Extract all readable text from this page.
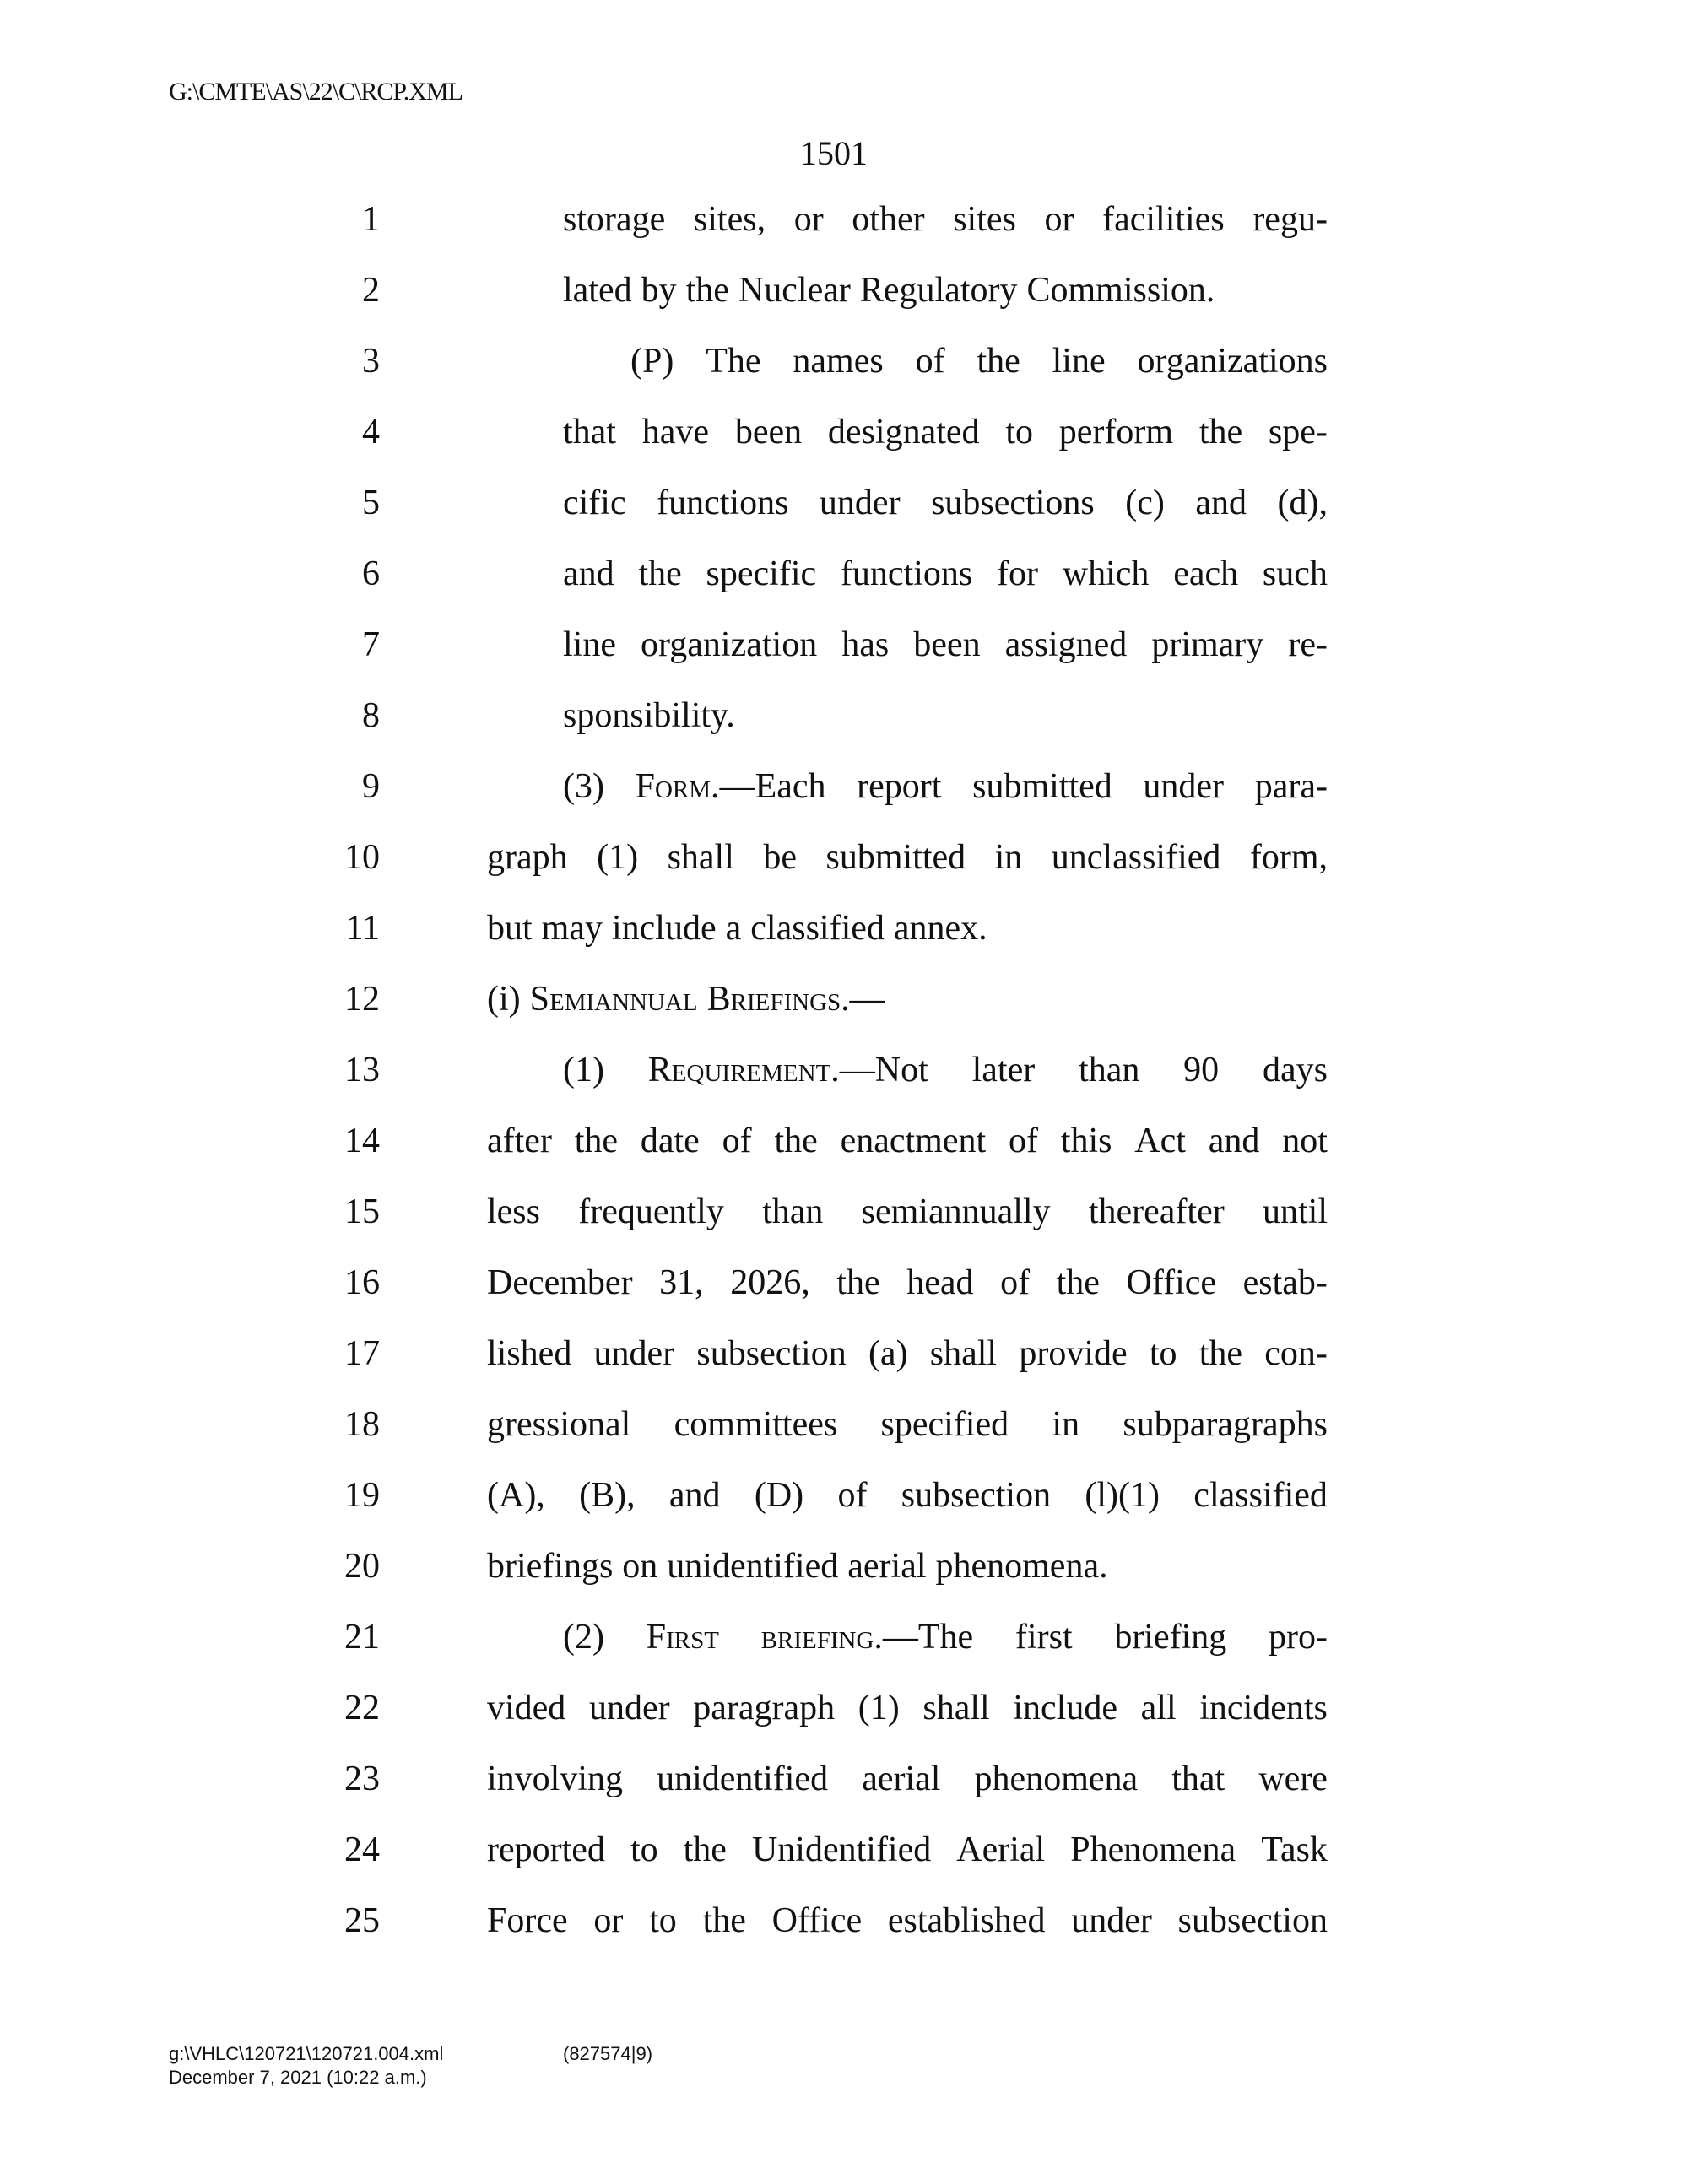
G:\CMTE\AS\22\C\RCP.XML
1501
1	storage sites, or other sites or facilities regu-
2	lated by the Nuclear Regulatory Commission.
3	(P) The names of the line organizations
4	that have been designated to perform the spe-
5	cific functions under subsections (c) and (d),
6	and the specific functions for which each such
7	line organization has been assigned primary re-
8	sponsibility.
9	(3) Form.—Each report submitted under para-
10	graph (1) shall be submitted in unclassified form,
11	but may include a classified annex.
12	(i) Semiannual Briefings.—
13	(1) Requirement.—Not later than 90 days
14	after the date of the enactment of this Act and not
15	less frequently than semiannually thereafter until
16	December 31, 2026, the head of the Office estab-
17	lished under subsection (a) shall provide to the con-
18	gressional committees specified in subparagraphs
19	(A), (B), and (D) of subsection (l)(1) classified
20	briefings on unidentified aerial phenomena.
21	(2) First briefing.—The first briefing pro-
22	vided under paragraph (1) shall include all incidents
23	involving unidentified aerial phenomena that were
24	reported to the Unidentified Aerial Phenomena Task
25	Force or to the Office established under subsection
g:\VHLC\120721\120721.004.xml
December 7, 2021 (10:22 a.m.)
(827574|9)
